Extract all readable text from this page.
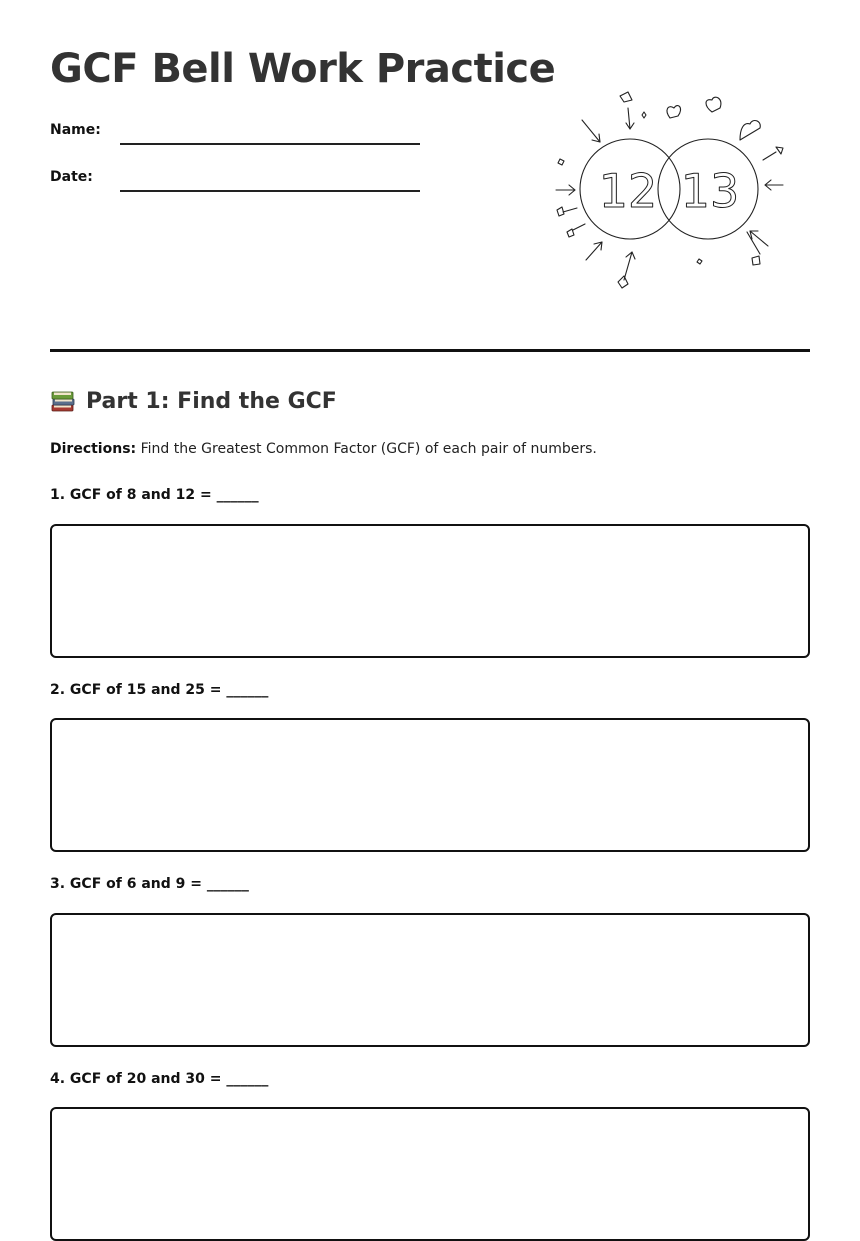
GCF Bell Work Practice
Name:
Date:	12 13
Part 1: Find the GCF
Directions: Find the Greatest Common Factor (GCF) of each pair of numbers.
1. GCF of 8 and 12 = ______
2. GCF of 15 and 25 = ______
3. GCF of 6 and 9 = ______
4. GCF of 20 and 30 = ______
